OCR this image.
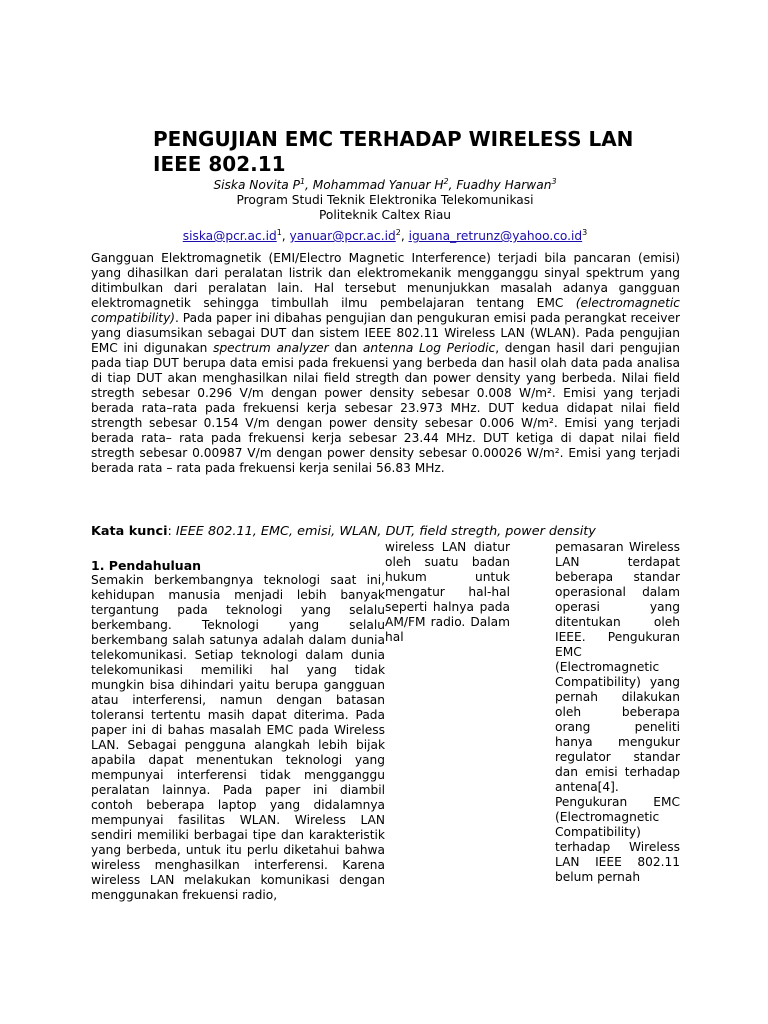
PENGUJIAN EMC TERHADAP WIRELESS LAN IEEE 802.11
Siska Novita $P^1$, Mohammad Yanuar $H^2$, Fuadhy Harwan$^3$
Program Studi Teknik Elektronika Telekomunikasi
Politeknik Caltex Riau
$siska@pcr.ac.id^1$, $yanuar@pcr.ac.id^2$, $iguana\_retrunz@yahoo.co.id^3$

Gangguan Elektromagnetik (EMI/Electro Magnetic Interference) terjadi bila pancaran (emisi) yang dihasilkan dari peralatan listrik dan elektromekanik mengganggu sinyal spektrum yang ditimbulkan dari peralatan lain. Hal tersebut menunjukkan masalah adanya gangguan elektromagnetik sehingga timbullah ilmu pembelajaran tentang EMC (electromagnetic compatibility). Pada paper ini dibahas pengujian dan pengukuran emisi pada perangkat receiver yang diasumsikan sebagai DUT dan sistem IEEE 802.11 Wireless LAN (WLAN). Pada pengujian EMC ini digunakan spectrum analyzer dan antenna Log Periodic, dengan hasil dari pengujian pada tiap DUT berupa data emisi pada frekuensi yang berbeda dan hasil olah data pada analisa di tiap DUT akan menghasilkan nilai field stregth dan power density yang berbeda. Nilai field stregth sebesar 0.296 V/m dengan power density sebesar 0.008 W/m². Emisi yang terjadi berada rata–rata pada frekuensi kerja sebesar 23.973 MHz. DUT kedua didapat nilai field strength sebesar 0.154 V/m dengan power density sebesar 0.006 W/m². Emisi yang terjadi berada rata– rata pada frekuensi kerja sebesar 23.44 MHz. DUT ketiga di dapat nilai field stregth sebesar 0.00987 V/m dengan power density sebesar 0.00026 W/m². Emisi yang terjadi berada rata – rata pada frekuensi kerja senilai 56.83 MHz.

Kata kunci: IEEE 802.11, EMC, emisi, WLAN, DUT, field stregth, power density

1. Pendahuluan

Semakin berkembangnya teknologi saat ini, kehidupan manusia menjadi lebih banyak tergantung pada teknologi yang selalu berkembang. Teknologi yang selalu berkembang salah satunya adalah dalam dunia telekomunikasi. Setiap teknologi dalam dunia telekomunikasi memiliki hal yang tidak mungkin bisa dihindari yaitu berupa gangguan atau interferensi, namun dengan batasan toleransi tertentu masih dapat diterima. Pada paper ini di bahas masalah EMC pada Wireless LAN. Sebagai pengguna alangkah lebih bijak apabila dapat menentukan teknologi yang mempunyai interferensi tidak mengganggu peralatan lainnya. Pada paper ini diambil contoh beberapa laptop yang didalamnya mempunyai fasilitas WLAN. Wireless LAN sendiri memiliki berbagai tipe dan karakteristik yang berbeda, untuk itu perlu diketahui bahwa wireless menghasilkan interferensi. Karena wireless LAN melakukan komunikasi dengan menggunakan frekuensi radio,

wireless LAN diatur oleh suatu badan hukum untuk mengatur hal-hal seperti halnya pada AM/FM radio. Dalam hal

pemasaran Wireless LAN terdapat beberapa standar operasional dalam operasi yang ditentukan oleh IEEE. Pengukuran EMC (Electromagnetic Compatibility) yang pernah dilakukan oleh beberapa orang peneliti hanya mengukur regulator standar dan emisi terhadap antena[4]. Pengukuran EMC (Electromagnetic Compatibility) terhadap Wireless LAN IEEE 802.11 belum pernah
